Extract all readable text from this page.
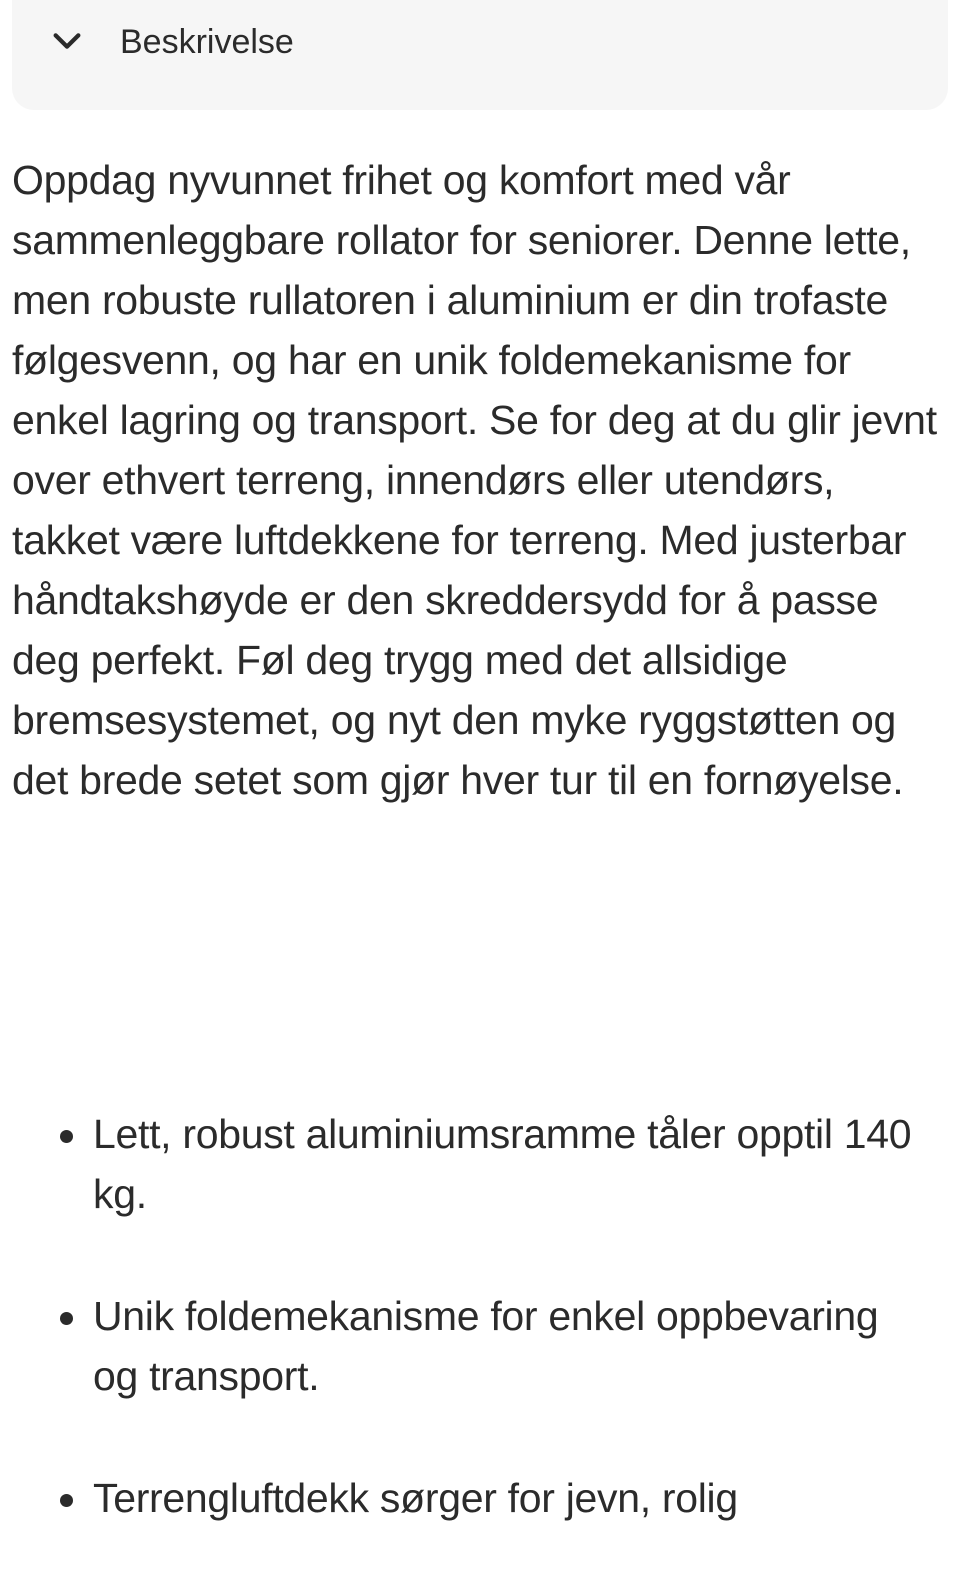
Beskrivelse

Oppdag nyvunnet frihet og komfort med vår sammenleggbare rollator for seniorer. Denne lette, men robuste rullatoren i aluminium er din trofaste følgesvenn, og har en unik foldemekanisme for enkel lagring og transport. Se for deg at du glir jevnt over ethvert terreng, innendørs eller utendørs, takket være luftdekkene for terreng. Med justerbar håndtakshøyde er den skreddersydd for å passe deg perfekt. Føl deg trygg med det allsidige bremsesystemet, og nyt den myke ryggstøtten og det brede setet som gjør hver tur til en fornøyelse.

Lett, robust aluminiumsramme tåler opptil 140 kg.
Unik foldemekanisme for enkel oppbevaring og transport.
Terrengluftdekk sørger for jevn, rolig
